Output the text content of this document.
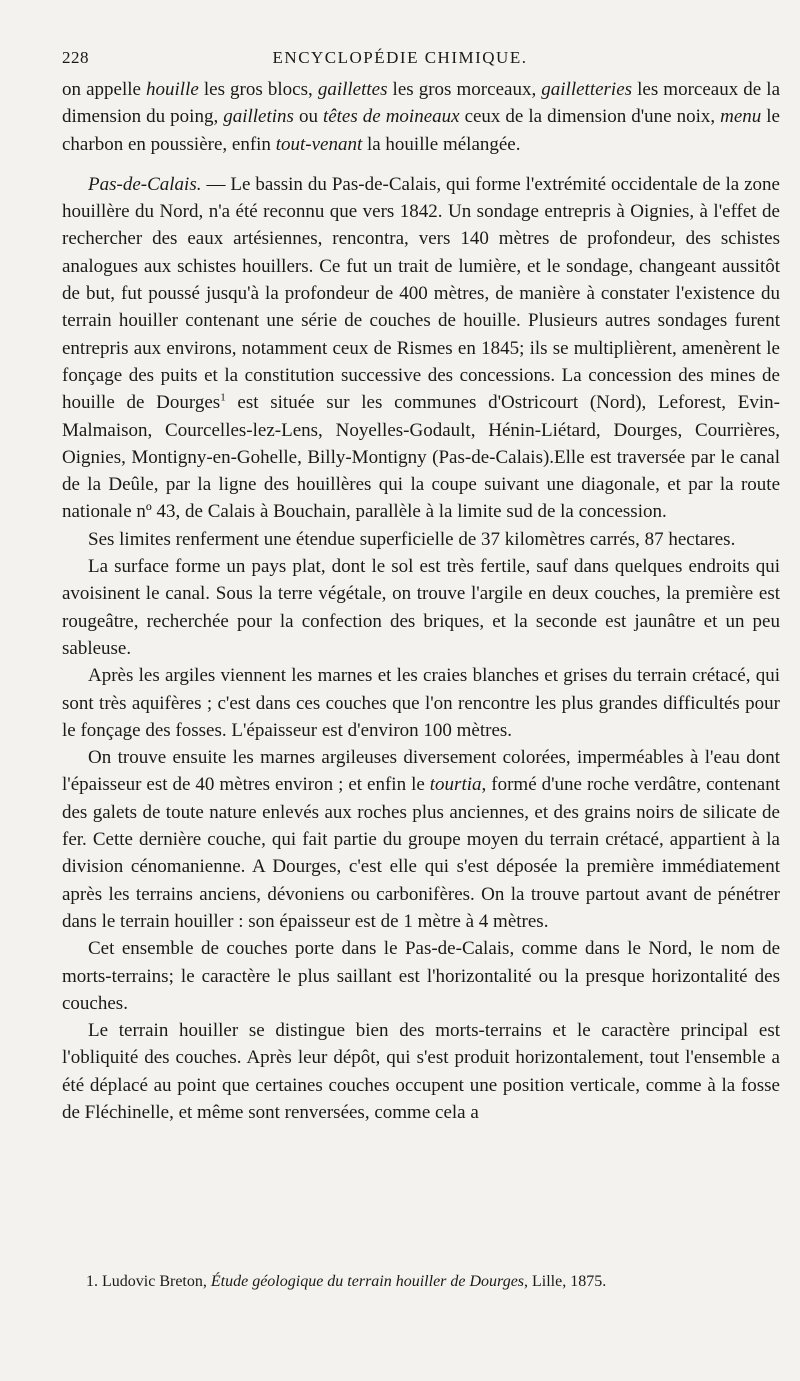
228	ENCYCLOPÉDIE CHIMIQUE.

on appelle houille les gros blocs, gaillettes les gros morceaux, gailletteries les morceaux de la dimension du poing, gailletins ou têtes de moineaux ceux de la dimension d'une noix, menu le charbon en poussière, enfin tout-venant la houille mélangée.

Pas-de-Calais. — Le bassin du Pas-de-Calais, qui forme l'extrémité occidentale de la zone houillère du Nord, n'a été reconnu que vers 1842. Un sondage entrepris à Oignies, à l'effet de rechercher des eaux artésiennes, rencontra, vers 140 mètres de profondeur, des schistes analogues aux schistes houillers. Ce fut un trait de lumière, et le sondage, changeant aussitôt de but, fut poussé jusqu'à la profondeur de 400 mètres, de manière à constater l'existence du terrain houiller contenant une série de couches de houille. Plusieurs autres sondages furent entrepris aux environs, notamment ceux de Rismes en 1845; ils se multiplièrent, amenèrent le fonçage des puits et la constitution successive des concessions. La concession des mines de houille de Dourges$^1$ est située sur les communes d'Ostricourt (Nord), Leforest, Evin-Malmaison, Courcelles-lez-Lens, Noyelles-Godault, Hénin-Liétard, Dourges, Courrières, Oignies, Montigny-en-Gohelle, Billy-Montigny (Pas-de-Calais).Elle est traversée par le canal de la Deûle, par la ligne des houillères qui la coupe suivant une diagonale, et par la route nationale nº 43, de Calais à Bouchain, parallèle à la limite sud de la concession.

Ses limites renferment une étendue superficielle de 37 kilomètres carrés, 87 hectares.

La surface forme un pays plat, dont le sol est très fertile, sauf dans quelques endroits qui avoisinent le canal. Sous la terre végétale, on trouve l'argile en deux couches, la première est rougeâtre, recherchée pour la confection des briques, et la seconde est jaunâtre et un peu sableuse.

Après les argiles viennent les marnes et les craies blanches et grises du terrain crétacé, qui sont très aquifères ; c'est dans ces couches que l'on rencontre les plus grandes difficultés pour le fonçage des fosses. L'épaisseur est d'environ 100 mètres.

On trouve ensuite les marnes argileuses diversement colorées, imperméables à l'eau dont l'épaisseur est de 40 mètres environ ; et enfin le tourtia, formé d'une roche verdâtre, contenant des galets de toute nature enlevés aux roches plus anciennes, et des grains noirs de silicate de fer. Cette dernière couche, qui fait partie du groupe moyen du terrain crétacé, appartient à la division cénomanienne. A Dourges, c'est elle qui s'est déposée la première immédiatement après les terrains anciens, dévoniens ou carbonifères. On la trouve partout avant de pénétrer dans le terrain houiller : son épaisseur est de 1 mètre à 4 mètres.

Cet ensemble de couches porte dans le Pas-de-Calais, comme dans le Nord, le nom de morts-terrains; le caractère le plus saillant est l'horizontalité ou la presque horizontalité des couches.

Le terrain houiller se distingue bien des morts-terrains et le caractère principal est l'obliquité des couches. Après leur dépôt, qui s'est produit horizontalement, tout l'ensemble a été déplacé au point que certaines couches occupent une position verticale, comme à la fosse de Fléchinelle, et même sont renversées, comme cela a

1. Ludovic Breton, Étude géologique du terrain houiller de Dourges, Lille, 1875.
